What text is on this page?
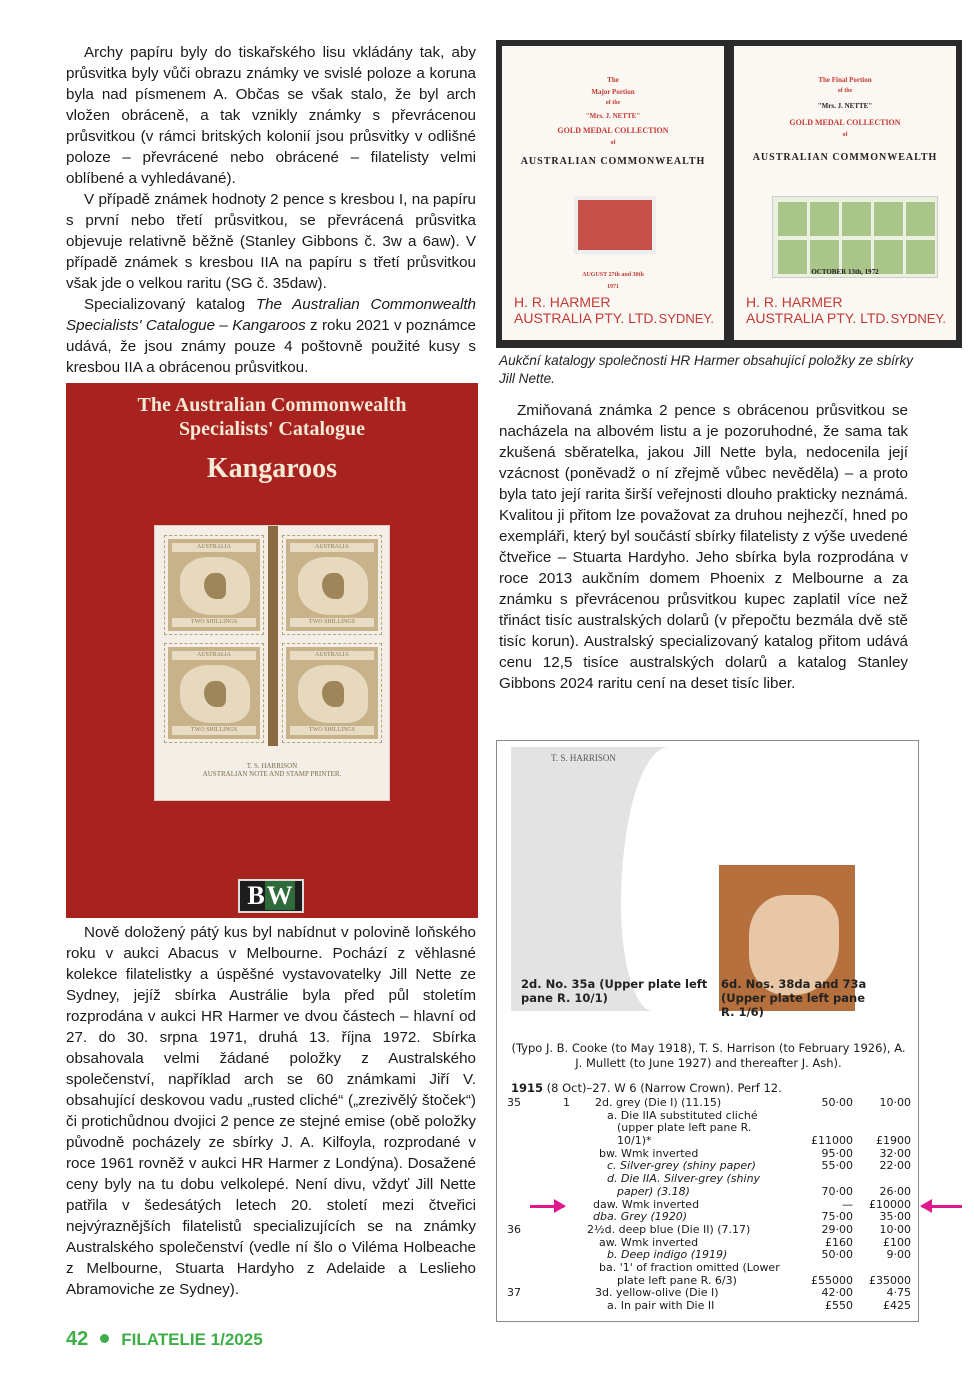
Archy papíru byly do tiskařského lisu vkládány tak, aby průsvitka byly vůči obrazu známky ve svislé poloze a koruna byla nad písmenem A. Občas se však stalo, že byl arch vložen obráceně, a tak vznikly známky s převrácenou průsvitkou (v rámci britských kolonií jsou průsvitky v odlišné poloze – převrácené nebo obrácené – filatelisty velmi oblíbené a vyhledávané).

V případě známek hodnoty 2 pence s kresbou I, na papíru s první nebo třetí průsvitkou, se převrácená průsvitka objevuje relativně běžně (Stanley Gibbons č. 3w a 6aw). V případě známek s kresbou IIA na papíru s třetí průsvitkou však jde o velkou raritu (SG č. 35daw).

Specializovaný katalog The Australian Commonwealth Specialists' Catalogue – Kangaroos z roku 2021 v poznámce udává, že jsou známy pouze 4 poštovně použité kusy s kresbou IIA a obrácenou průsvitkou.

The Australian Commonwealth
Specialists' Catalogue
Kangaroos
AUSTRALIA
TWO SHILLINGS
AUSTRALIA
TWO SHILLINGS
AUSTRALIA
TWO SHILLINGS
AUSTRALIA
TWO SHILLINGS
T. S. HARRISON
AUSTRALIAN NOTE AND STAMP PRINTER.
BW
The
Major Portion
of the
"Mrs. J. NETTE"
GOLD MEDAL COLLECTION
of
AUSTRALIAN COMMONWEALTH
AUGUST 27th and 30th
1971
H. R. HARMER
AUSTRALIA PTY. LTD. SYDNEY.
The Final Portion
of the
"Mrs. J. NETTE"
GOLD MEDAL COLLECTION
of
AUSTRALIAN COMMONWEALTH
OCTOBER 13th, 1972
H. R. HARMER
AUSTRALIA PTY. LTD. SYDNEY.
Aukční katalogy společnosti HR Harmer obsahující položky ze sbírky Jill Nette.

Zmiňovaná známka 2 pence s obrácenou průsvitkou se nacházela na albovém listu a je pozoruhodné, že sama tak zkušená sběratelka, jakou Jill Nette byla, nedocenila její vzácnost (poněvadž o ní zřejmě vůbec nevěděla) – a proto byla tato její rarita širší veřejnosti dlouho prakticky neznámá. Kvalitou ji přitom lze považovat za druhou nejhezčí, hned po exempláři, který byl součástí sbírky filatelisty z výše uvedené čtveřice – Stuarta Hardyho. Jeho sbírka byla rozprodána v roce 2013 aukčním domem Phoenix z Melbourne a za známku s převrácenou průsvitkou kupec zaplatil více než třináct tisíc australských dolarů (v přepočtu bezmála dvě stě tisíc korun). Australský specializovaný katalog přitom udává cenu 12,5 tisíce australských dolarů a katalog Stanley Gibbons 2024 raritu cení na deset tisíc liber.

Nově doložený pátý kus byl nabídnut v polovině loňského roku v aukci Abacus v Melbourne. Pochází z věhlasné kolekce filatelistky a úspěšné vystavovatelky Jill Nette ze Sydney, jejíž sbírka Austrálie byla před půl stoletím rozprodána v aukci HR Harmer ve dvou částech – hlavní od 27. do 30. srpna 1971, druhá 13. října 1972. Sbírka obsahovala velmi žádané položky z Australského společenství, například arch se 60 známkami Jiří V. obsahující deskovou vadu „rusted cliché“ („zrezivělý štoček“) či protichůdnou dvojici 2 pence ze stejné emise (obě položky původně pocházely ze sbírky J. A. Kilfoyla, rozprodané v roce 1961 rovněž v aukci HR Harmer z Londýna). Dosažené ceny byly na tu dobu velkolepé. Není divu, vždyť Jill Nette patřila v šedesátých letech 20. století mezi čtveřici nejvýraznějších filatelistů specializujících se na známky Australského společenství (vedle ní šlo o Viléma Holbeache z Melbourne, Stuarta Hardyho z Adelaide a Leslieho Abramoviche ze Sydney).

T. S. HARRISON
2d. No. 35a (Upper plate left pane R. 10/1)
6d. Nos. 38da and 73a (Upper plate left pane R. 1/6)
(Typo J. B. Cooke (to May 1918), T. S. Harrison (to February 1926), A. J. Mullett (to June 1927) and thereafter J. Ash).
1915 (8 Oct)–27. W 6 (Narrow Crown). Perf 12.
35	1 2d. grey (Die I) (11.15)	50·00 10·00
a. Die IIA substituted cliché
(upper plate left pane R.
10/1)*	£11000 £1900
bw. Wmk inverted	95·00 32·00
c. Silver-grey (shiny paper)	55·00 22·00
d. Die IIA. Silver-grey (shiny
paper) (3.18)	70·00 26·00
daw. Wmk inverted	— £10000
dba. Grey (1920)	75·00 35·00
36	2½d. deep blue (Die II) (7.17)	29·00 10·00
aw. Wmk inverted	£160	£100
b. Deep indigo (1919)	50·00	9·00
ba. '1' of fraction omitted (Lower
plate left pane R. 6/3)	£55000 £35000
37	3d. yellow-olive (Die I)	42·00	4·75
a. In pair with Die II	£550	£425
42 FILATELIE 1/2025
